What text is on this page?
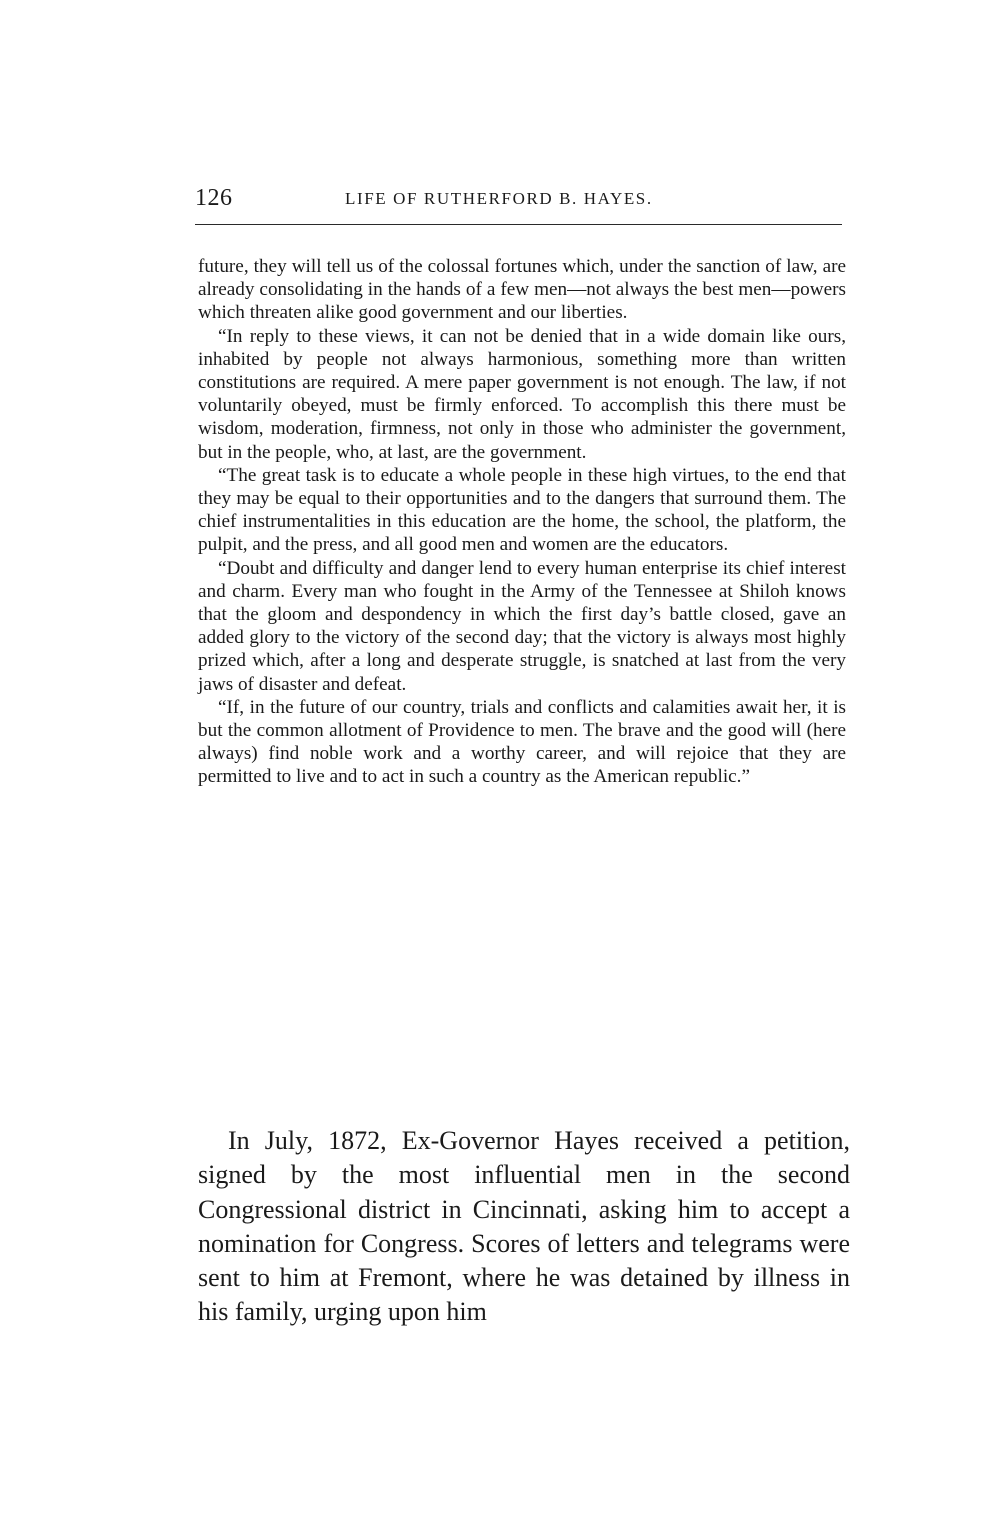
126	LIFE OF RUTHERFORD B. HAYES.

future, they will tell us of the colossal fortunes which, under the sanction of law, are already consolidating in the hands of a few men—not always the best men—powers which threaten alike good government and our liberties.

“In reply to these views, it can not be denied that in a wide domain like ours, inhabited by people not always harmonious, something more than written constitutions are required. A mere paper government is not enough. The law, if not voluntarily obeyed, must be firmly enforced. To accomplish this there must be wisdom, moderation, firmness, not only in those who administer the government, but in the people, who, at last, are the government.

“The great task is to educate a whole people in these high virtues, to the end that they may be equal to their opportunities and to the dangers that surround them. The chief instrumentalities in this education are the home, the school, the platform, the pulpit, and the press, and all good men and women are the educators.

“Doubt and difficulty and danger lend to every human enterprise its chief interest and charm. Every man who fought in the Army of the Tennessee at Shiloh knows that the gloom and despondency in which the first day’s battle closed, gave an added glory to the victory of the second day; that the victory is always most highly prized which, after a long and desperate struggle, is snatched at last from the very jaws of disaster and defeat.

“If, in the future of our country, trials and conflicts and calamities await her, it is but the common allotment of Providence to men. The brave and the good will (here always) find noble work and a worthy career, and will rejoice that they are permitted to live and to act in such a country as the American republic.”

In July, 1872, Ex-Governor Hayes received a petition, signed by the most influential men in the second Congressional district in Cincinnati, asking him to accept a nomination for Congress. Scores of letters and telegrams were sent to him at Fremont, where he was detained by illness in his family, urging upon him
